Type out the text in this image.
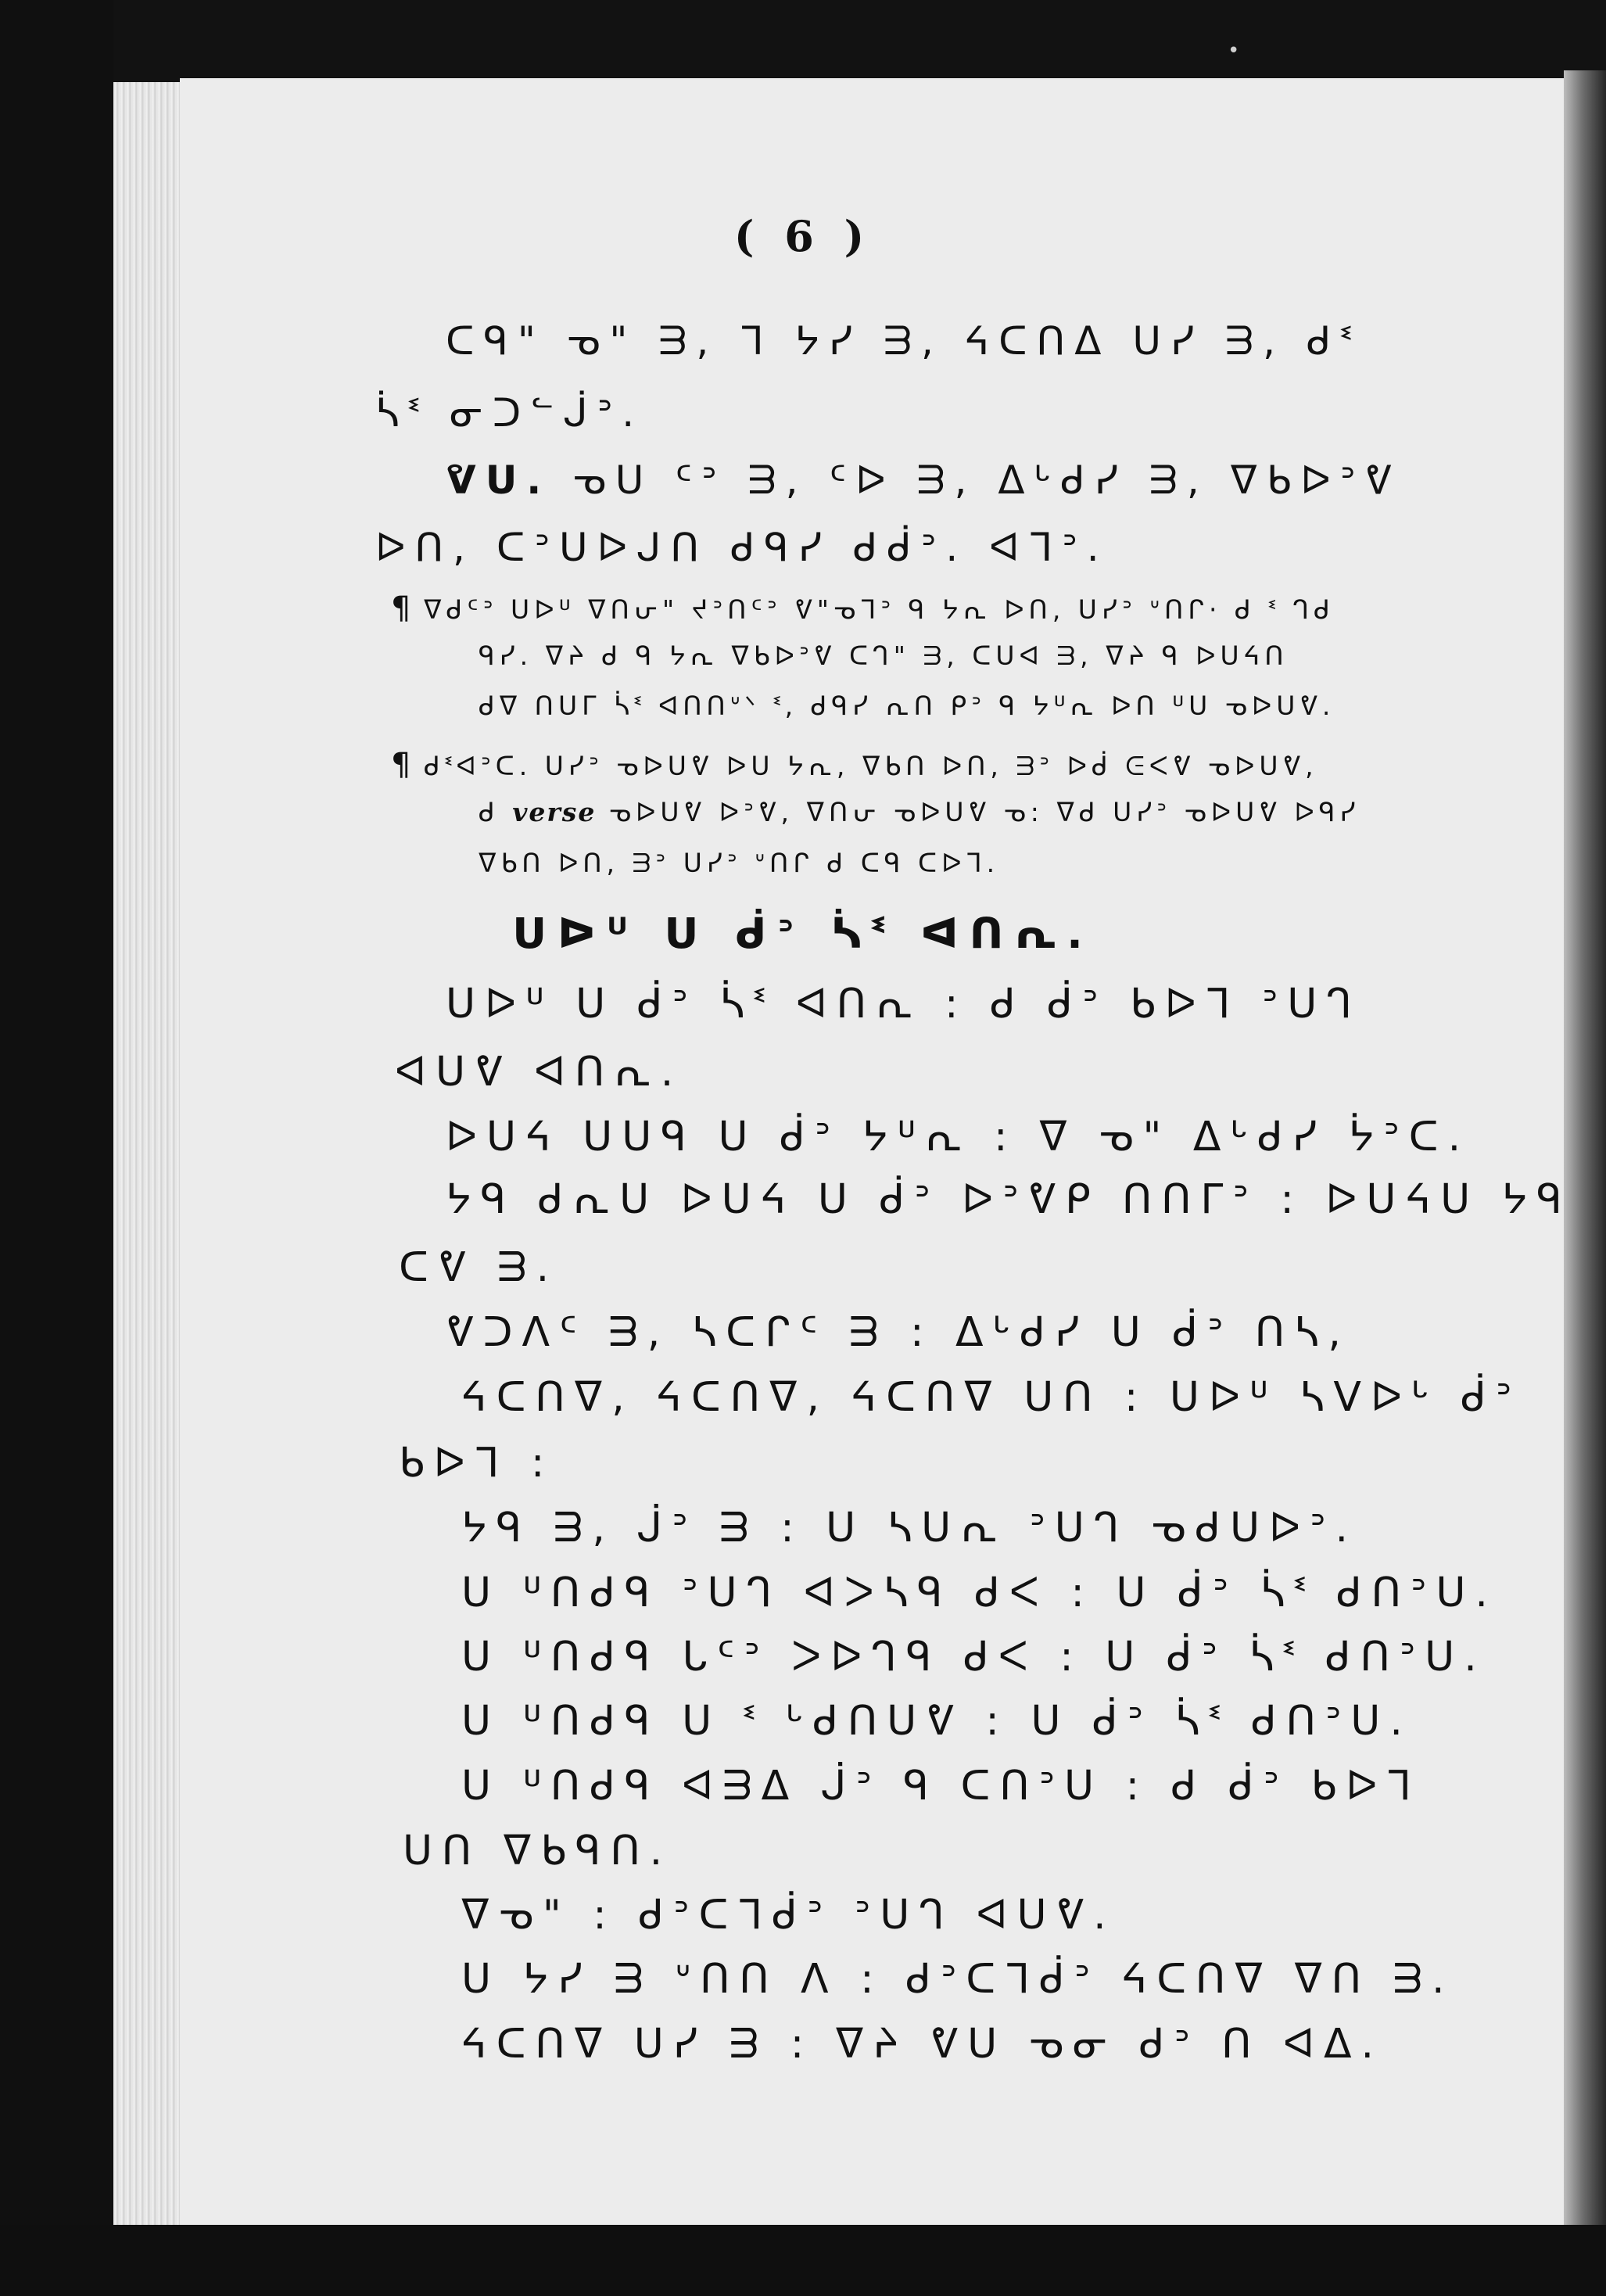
•
( 6 )
ᑕᑫ" ᓀ" ᗱ, ᒣ ᔭᓯ ᗱ, ᔦᑕᑎᐃ ᑌᓯ ᗱ, ᑯᓫ
ᓵᓫ ᓂᑐᓪᒎᐣ.
ᕓᑌ. ᓀᑌ ᑦᐣ ᗱ, ᑦᐅ ᗱ, ᐃᒡᑯᓯ ᗱ, ᐁᑲᐅᐣᕓ
ᐅᑎ, ᑕᐣᑌᐅᒍᑎ ᑯᑫᓯ ᑯᑰᐣ. ᐊᒣᐣ.
¶ ᐁᑯᑦᐣ ᑌᐅᓑ ᐁᑎᕂ" ᔪᐣᑎᑦᐣ ᕓ"ᓀᒣᐣ ᑫ ᔭᕆ ᐅᑎ, ᑌᓯᐣ ᐡᑎᒋ· ᑯ ᓫ ᒉᑯ
ᑫᓯ. ᐁᔨ ᑯ ᑫ ᔭᕆ ᐁᑲᐅᐣᕓ ᑕᒉ" ᗱ, ᑕᑌᐊ ᗱ, ᐁᔨ ᑫ ᐅᑌᔦᑎ
ᑯᐁ ᑎᑌᒥ ᓵᓫ ᐊᑎᑎᐡᐠ ᓫ, ᑯᑫᓯ ᕆᑎ ᑭᐣ ᑫ ᔭᓑᕆ ᐅᑎ ᓑᑌ ᓀᐅᑌᕓ.
¶ ᑯᓫᐊᐣᑕ. ᑌᓯᐣ ᓀᐅᑌᕓ ᐅᑌ ᔭᕆ, ᐁᑲᑎ ᐅᑎ, ᗱᐣ ᐅᑰ ᕮᐸᕓ ᓀᐅᑌᕓ,
ᑯ verse ᓀᐅᑌᕓ ᐅᐣᕓ, ᐁᑎᕂ ᓀᐅᑌᕓ ᓀ: ᐁᑯ ᑌᓯᐣ ᓀᐅᑌᕓ ᐅᑫᓯ
ᐁᑲᑎ ᐅᑎ, ᗱᐣ ᑌᓯᐣ ᐡᑎᒋ ᑯ ᑕᑫ ᑕᐅᒣ.
ᑌᐅᓑ ᑌ ᑰᐣ ᓵᓫ ᐊᑎᕆ.
ᑌᐅᓑ ᑌ ᑰᐣ ᓵᓫ ᐊᑎᕆ : ᑯ ᑰᐣ ᑲᐅᒣ ᐣᑌᒉ
ᐊᑌᕓ ᐊᑎᕆ.
ᐅᑌᔦ ᑌᑌᑫ ᑌ ᑰᐣ ᔭᓑᕆ : ᐁ ᓀ" ᐃᒡᑯᓯ ᔮᐣᑕ.
ᔭᑫ ᑯᕆᑌ ᐅᑌᔦ ᑌ ᑰᐣ ᐅᐣᕓᑭ ᑎᑎᒥᐣ : ᐅᑌᔦᑌ ᔭᑫ
ᑕᕓ ᗱ.
ᕓᑐᐱᑦ ᗱ, ᓴᑕᒋᑦ ᗱ : ᐃᒡᑯᓯ ᑌ ᑰᐣ ᑎᓴ,
ᔦᑕᑎᐁ, ᔦᑕᑎᐁ, ᔦᑕᑎᐁ ᑌᑎ : ᑌᐅᓑ ᓴᐯᐅᒡ ᑰᐣ
ᑲᐅᒣ :
ᔭᑫ ᗱ, ᒎᐣ ᗱ : ᑌ ᓴᑌᕆ ᐣᑌᒉ ᓀᑯᑌᐅᐣ.
ᑌ ᓑᑎᑯᑫ ᐣᑌᒉ ᐊᐳᓴᑫ ᑯᐸ : ᑌ ᑰᐣ ᓵᓫ ᑯᑎᐣᑌ.
ᑌ ᓑᑎᑯᑫ ᒐᑦᐣ ᐳᐅᒉᑫ ᑯᐸ : ᑌ ᑰᐣ ᓵᓫ ᑯᑎᐣᑌ.
ᑌ ᓑᑎᑯᑫ ᑌ ᓫ ᒡᑯᑎᑌᕓ : ᑌ ᑰᐣ ᓵᓫ ᑯᑎᐣᑌ.
ᑌ ᓑᑎᑯᑫ ᐊᗱᐃ ᒎᐣ ᑫ ᑕᑎᐣᑌ : ᑯ ᑰᐣ ᑲᐅᒣ
ᑌᑎ ᐁᑲᑫᑎ.
ᐁᓀ" : ᑯᐣᑕᒣᑰᐣ ᐣᑌᒉ ᐊᑌᕓ.
ᑌ ᔭᓯ ᗱ ᐡᑎᑎ ᐱ : ᑯᐣᑕᒣᑰᐣ ᔦᑕᑎᐁ ᐁᑎ ᗱ.
ᔦᑕᑎᐁ ᑌᓯ ᗱ : ᐁᔨ ᕓᑌ ᓀᓂ ᑯᐣ ᑎ ᐊᐃ.
